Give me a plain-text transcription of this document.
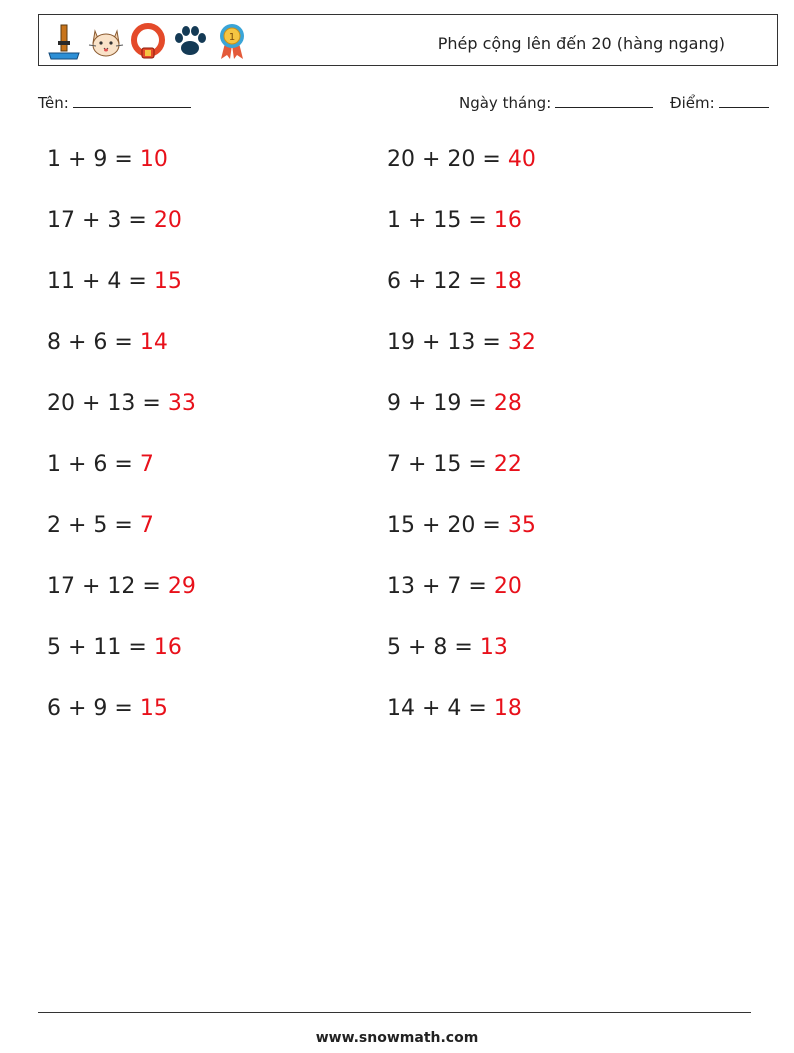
1	Phép cộng lên đến 20 (hàng ngang)
Tên:	Ngày tháng:	Điểm:
1 + 9 = 10	20 + 20 = 40
17 + 3 = 20	1 + 15 = 16
11 + 4 = 15	6 + 12 = 18
8 + 6 = 14	19 + 13 = 32
20 + 13 = 33	9 + 19 = 28
1 + 6 = 7	7 + 15 = 22
2 + 5 = 7	15 + 20 = 35
17 + 12 = 29	13 + 7 = 20
5 + 11 = 16	5 + 8 = 13
6 + 9 = 15	14 + 4 = 18
www.snowmath.com
